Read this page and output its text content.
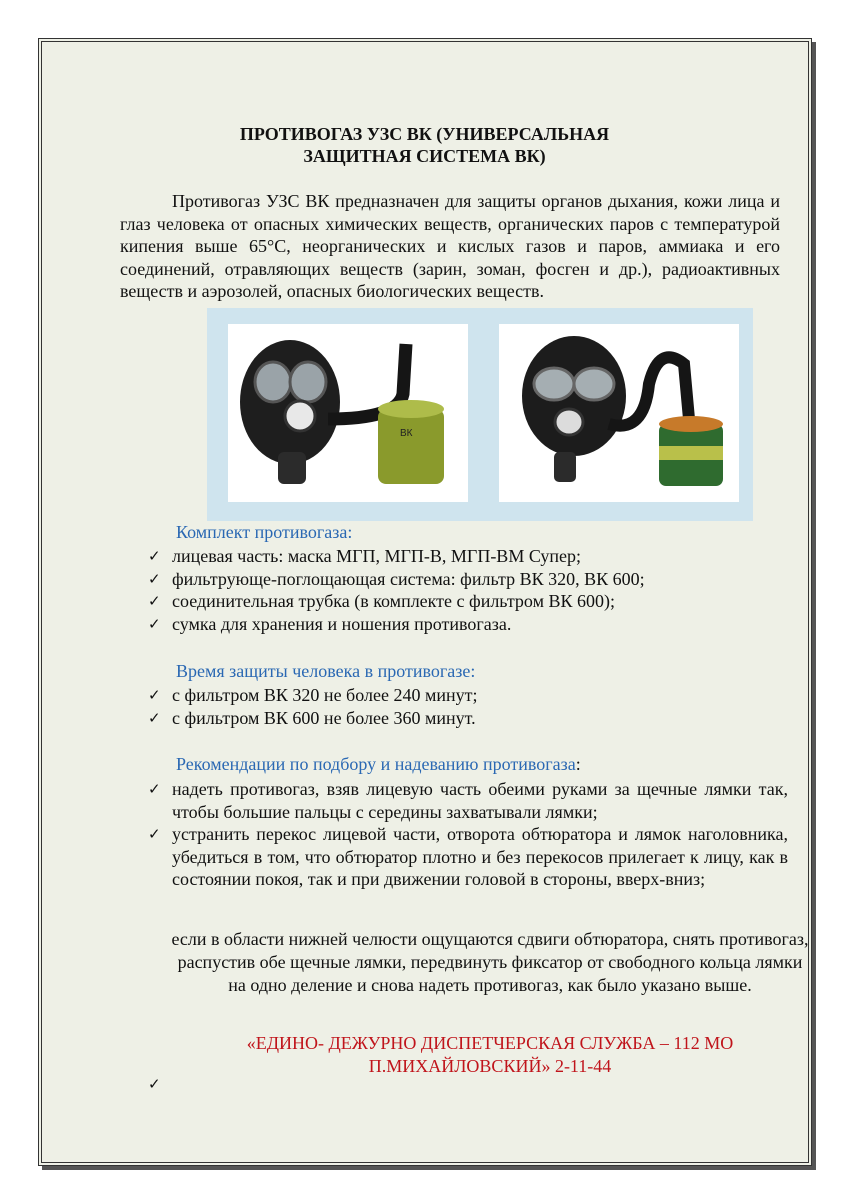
ПРОТИВОГАЗ УЗС ВК (УНИВЕРСАЛЬНАЯ
ЗАЩИТНАЯ СИСТЕМА ВК)
Противогаз УЗС ВК предназначен для защиты органов дыхания, кожи лица и глаз человека от опасных химических веществ, органических паров с температурой кипения выше 65°С, неорганических и кислых газов и паров, аммиака и его соединений, отравляющих веществ (зарин, зоман, фосген и др.), радиоактивных веществ и аэрозолей, опасных биологических веществ.
ВК
Комплект противогаза:
✓ лицевая часть: маска МГП, МГП-В, МГП-ВМ Супер;
✓ фильтрующе-поглощающая система: фильтр ВК 320, ВК 600;
✓ соединительная трубка (в комплекте с фильтром ВК 600);
✓ сумка для хранения и ношения противогаза.
Время защиты человека в противогазе:
✓ с фильтром ВК 320 не более 240 минут;
✓ с фильтром ВК 600 не более 360 минут.
Рекомендации по подбору и надеванию противогаза:
✓ надеть противогаз, взяв лицевую часть обеими руками за щечные лямки так, чтобы большие пальцы с середины захватывали лямки;
✓ устранить перекос лицевой части, отворота обтюратора и лямок наголовника, убедиться в том, что обтюратор плотно и без перекосов прилегает к лицу, как в состоянии покоя, так и при движении головой в стороны, вверх-вниз;
если в области нижней челюсти ощущаются сдвиги обтюратора, снять противогаз, распустив обе щечные лямки, передвинуть фиксатор от свободного кольца лямки на одно деление и снова надеть противогаз, как было указано выше.
«ЕДИНО- ДЕЖУРНО ДИСПЕТЧЕРСКАЯ СЛУЖБА – 112 МО
П.МИХАЙЛОВСКИЙ» 2-11-44
✓
